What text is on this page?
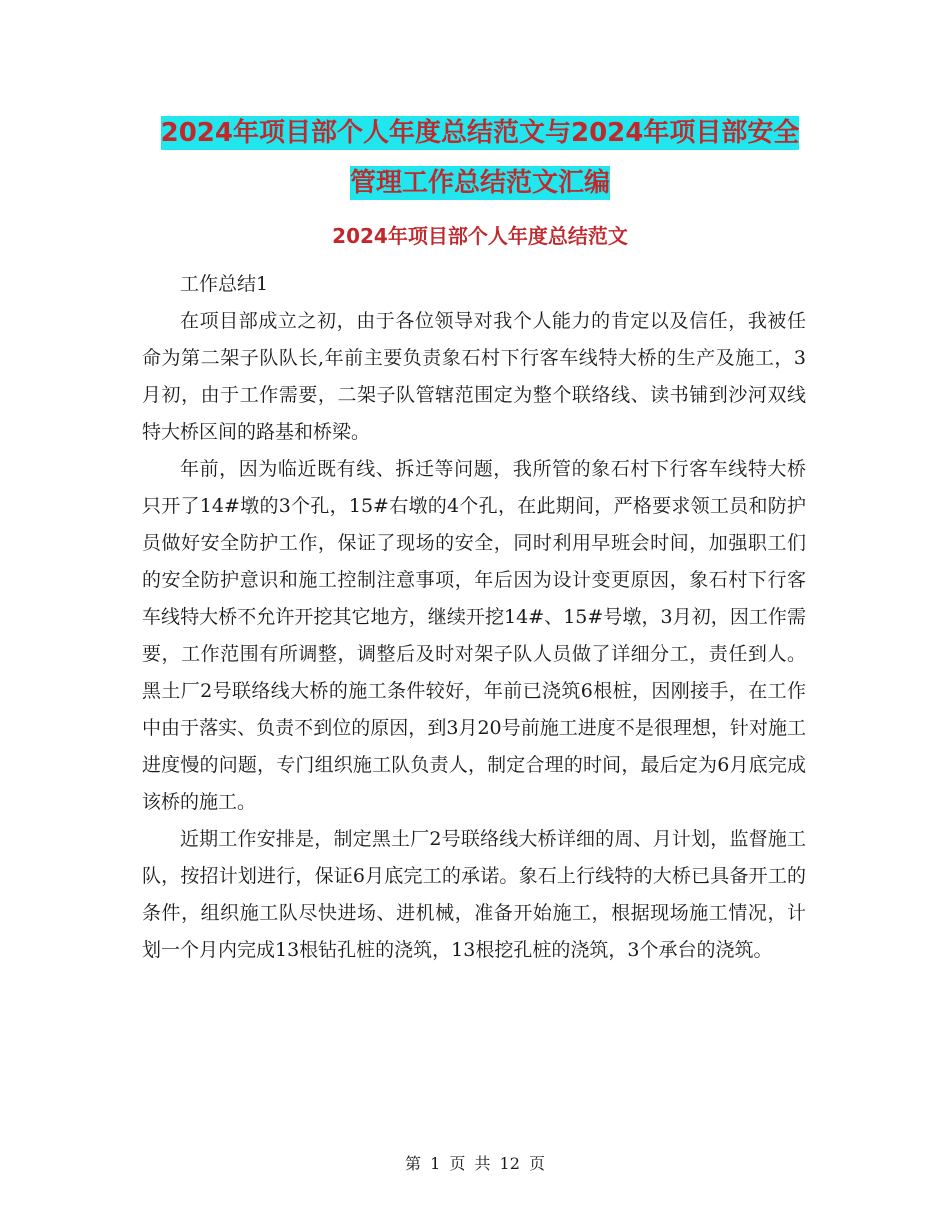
2024年项目部个人年度总结范文与2024年项目部安全
管理工作总结范文汇编
2024年项目部个人年度总结范文

工作总结1

在项目部成立之初，由于各位领导对我个人能力的肯定以及信任，我被任命为第二架子队队长,年前主要负责象石村下行客车线特大桥的生产及施工，3月初，由于工作需要，二架子队管辖范围定为整个联络线、读书铺到沙河双线特大桥区间的路基和桥梁。

年前，因为临近既有线、拆迁等问题，我所管的象石村下行客车线特大桥只开了14#墩的3个孔，15#右墩的4个孔，在此期间，严格要求领工员和防护员做好安全防护工作，保证了现场的安全，同时利用早班会时间，加强职工们的安全防护意识和施工控制注意事项，年后因为设计变更原因，象石村下行客车线特大桥不允许开挖其它地方，继续开挖14#、15#号墩，3月初，因工作需要，工作范围有所调整，调整后及时对架子队人员做了详细分工，责任到人。黑土厂2号联络线大桥的施工条件较好，年前已浇筑6根桩，因刚接手，在工作中由于落实、负责不到位的原因，到3月20号前施工进度不是很理想，针对施工进度慢的问题，专门组织施工队负责人，制定合理的时间，最后定为6月底完成该桥的施工。

近期工作安排是，制定黑土厂2号联络线大桥详细的周、月计划，监督施工队，按招计划进行，保证6月底完工的承诺。象石上行线特的大桥已具备开工的条件，组织施工队尽快进场、进机械，准备开始施工，根据现场施工情况，计划一个月内完成13根钻孔桩的浇筑，13根挖孔桩的浇筑，3个承台的浇筑。

第 1 页 共 12 页
